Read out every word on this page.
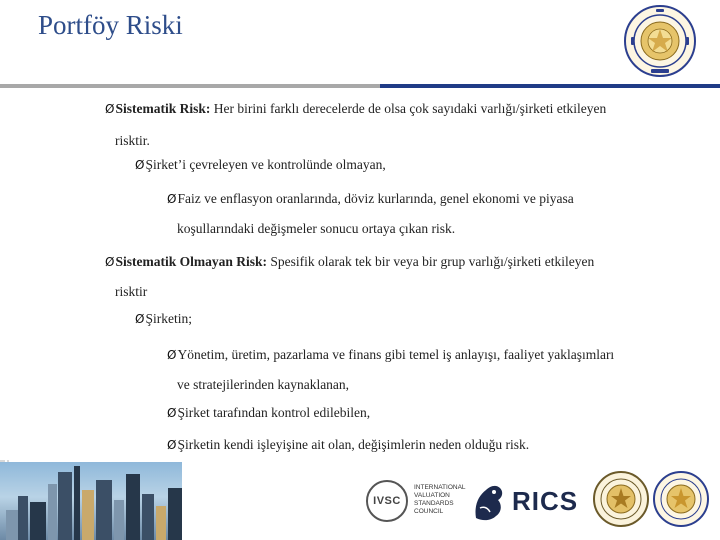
Portföy Riski
ØSistematik Risk: Her birini farklı derecelerde de olsa çok sayıdaki varlığı/şirketi etkileyen
risktir.
ØŞirket’i çevreleyen ve kontrolünde olmayan,
ØFaiz ve enflasyon oranlarında, döviz kurlarında, genel ekonomi ve piyasa
koşullarındaki değişmeler sonucu ortaya çıkan risk.
ØSistematik Olmayan Risk: Spesifik olarak tek bir veya bir grup varlığı/şirketi etkileyen
risktir
ØŞirketin;
ØYönetim, üretim, pazarlama ve finans gibi temel iş anlayışı, faaliyet yaklaşımları
ve stratejilerinden kaynaklanan,
ØŞirket tarafından kontrol edilebilen,
ØŞirketin kendi işleyişine ait olan, değişimlerin neden olduğu risk.
IVSC
INTERNATIONAL
VALUATION
STANDARDS
COUNCIL	RICS
